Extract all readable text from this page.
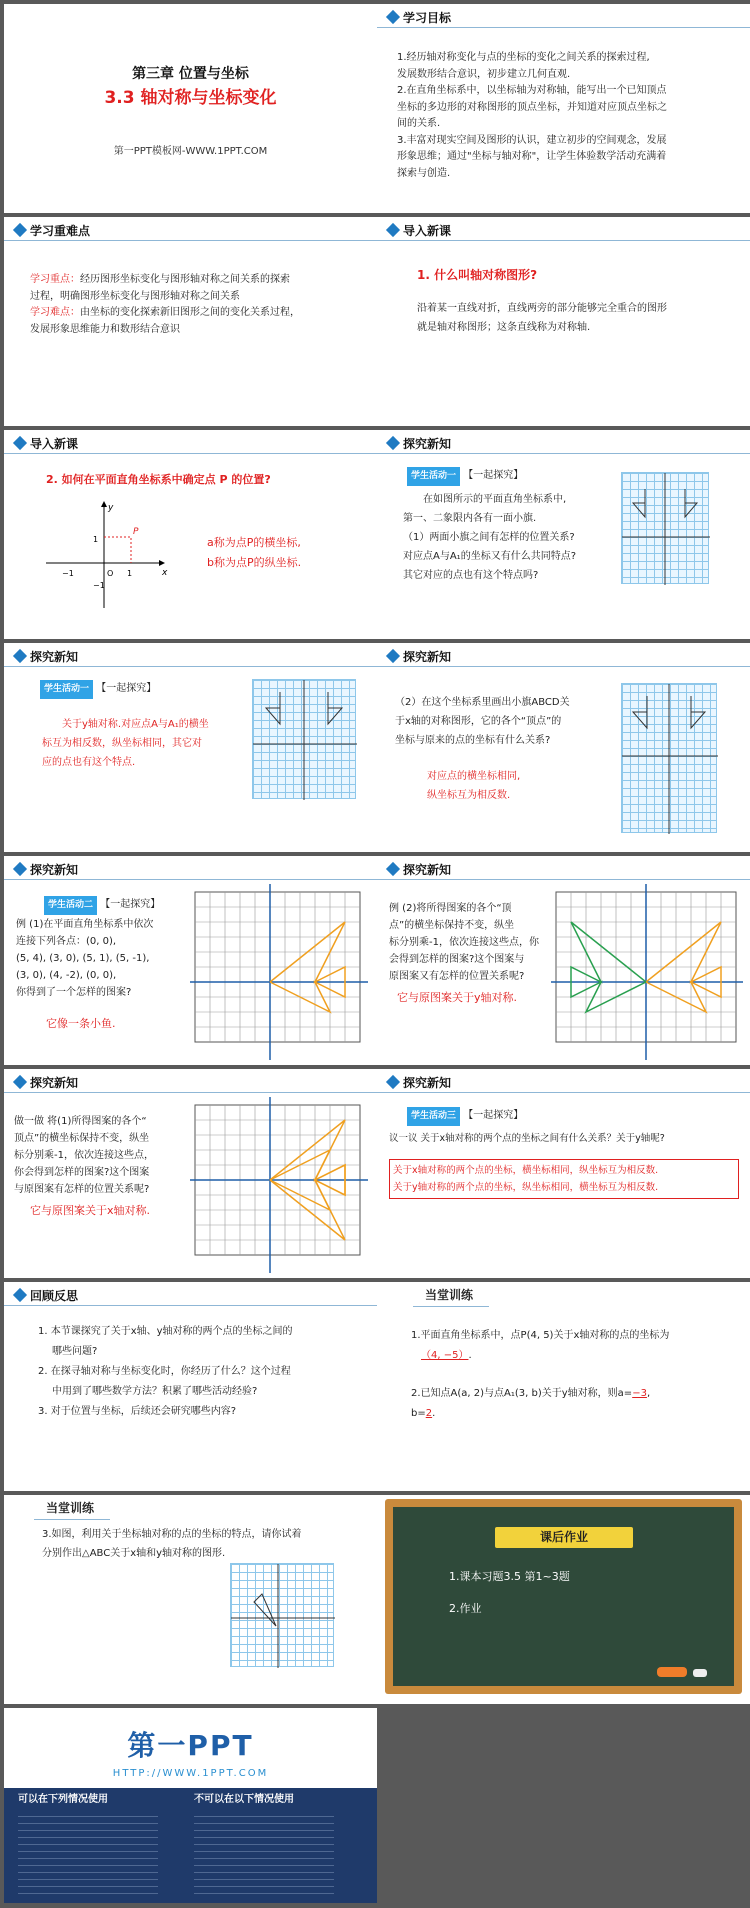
第三章 位置与坐标
3.3 轴对称与坐标变化
第一PPT模板网-WWW.1PPT.COM
学习目标
1.经历轴对称变化与点的坐标的变化之间关系的探索过程,
发展数形结合意识，初步建立几何直观.
2.在直角坐标系中，以坐标轴为对称轴，能写出一个已知顶点
坐标的多边形的对称图形的顶点坐标，并知道对应顶点坐标之
间的关系.
3.丰富对现实空间及图形的认识，建立初步的空间观念，发展
形象思维；通过"坐标与轴对称"，让学生体验数学活动充满着
探索与创造.
学习重难点
学习重点：经历图形坐标变化与图形轴对称之间关系的探索
过程，明确图形坐标变化与图形轴对称之间关系
学习难点：由坐标的变化探索新旧图形之间的变化关系过程，
发展形象思维能力和数形结合意识
导入新课
1. 什么叫轴对称图形?
沿着某一直线对折，直线两旁的部分能够完全重合的图形
就是轴对称图形；这条直线称为对称轴.
导入新课
2. 如何在平面直角坐标系中确定点 P 的位置?
−1	O
1
−1
1	x
y
P
a称为点P的横坐标,
b称为点P的纵坐标.
探究新知
学生活动一 【一起探究】
在如图所示的平面直角坐标系中,
第一、二象限内各有一面小旗.
（1）两面小旗之间有怎样的位置关系?
对应点A与A₁的坐标又有什么共同特点?
其它对应的点也有这个特点吗?
探究新知
学生活动一 【一起探究】
关于y轴对称.对应点A与A₁的横坐
标互为相反数，纵坐标相同，其它对
应的点也有这个特点.
探究新知
（2）在这个坐标系里画出小旗ABCD关
于x轴的对称图形，它的各个“顶点”的
坐标与原来的点的坐标有什么关系?
对应点的横坐标相同,
纵坐标互为相反数.
探究新知
学生活动二 【一起探究】
例 (1)在平面直角坐标系中依次
连接下列各点：(0, 0),
(5, 4), (3, 0), (5, 1), (5, -1),
(3, 0), (4, -2), (0, 0),
你得到了一个怎样的图案?
它像一条小鱼.
探究新知
例 (2)将所得图案的各个“顶
点”的横坐标保持不变，纵坐
标分别乘-1，依次连接这些点，你
会得到怎样的图案?这个图案与
原图案又有怎样的位置关系呢?
它与原图案关于y轴对称.
探究新知
做一做 将(1)所得图案的各个“
顶点”的横坐标保持不变，纵坐
标分别乘-1，依次连接这些点，
你会得到怎样的图案?这个图案
与原图案有怎样的位置关系呢?
它与原图案关于x轴对称.
探究新知
学生活动三 【一起探究】
议一议 关于x轴对称的两个点的坐标之间有什么关系？关于y轴呢?
关于x轴对称的两个点的坐标，横坐标相同，纵坐标互为相反数.
关于y轴对称的两个点的坐标，纵坐标相同，横坐标互为相反数.
回顾反思
1. 本节课探究了关于x轴、y轴对称的两个点的坐标之间的
哪些问题?
2. 在探寻轴对称与坐标变化时，你经历了什么？这个过程
中用到了哪些数学方法？积累了哪些活动经验?
3. 对于位置与坐标，后续还会研究哪些内容?
当堂训练
1.平面直角坐标系中，点P(4, 5)关于x轴对称的点的坐标为
（4, −5）.
2.已知点A(a, 2)与点A₁(3, b)关于y轴对称，则a=−3,
b=2.
当堂训练
3.如图，利用关于坐标轴对称的点的坐标的特点，请你试着
分别作出△ABC关于x轴和y轴对称的图形.
课后作业
1.课本习题3.5 第1~3题
2.作业
第一PPT
HTTP://WWW.1PPT.COM
可以在下列情况使用	不可以在以下情况使用
